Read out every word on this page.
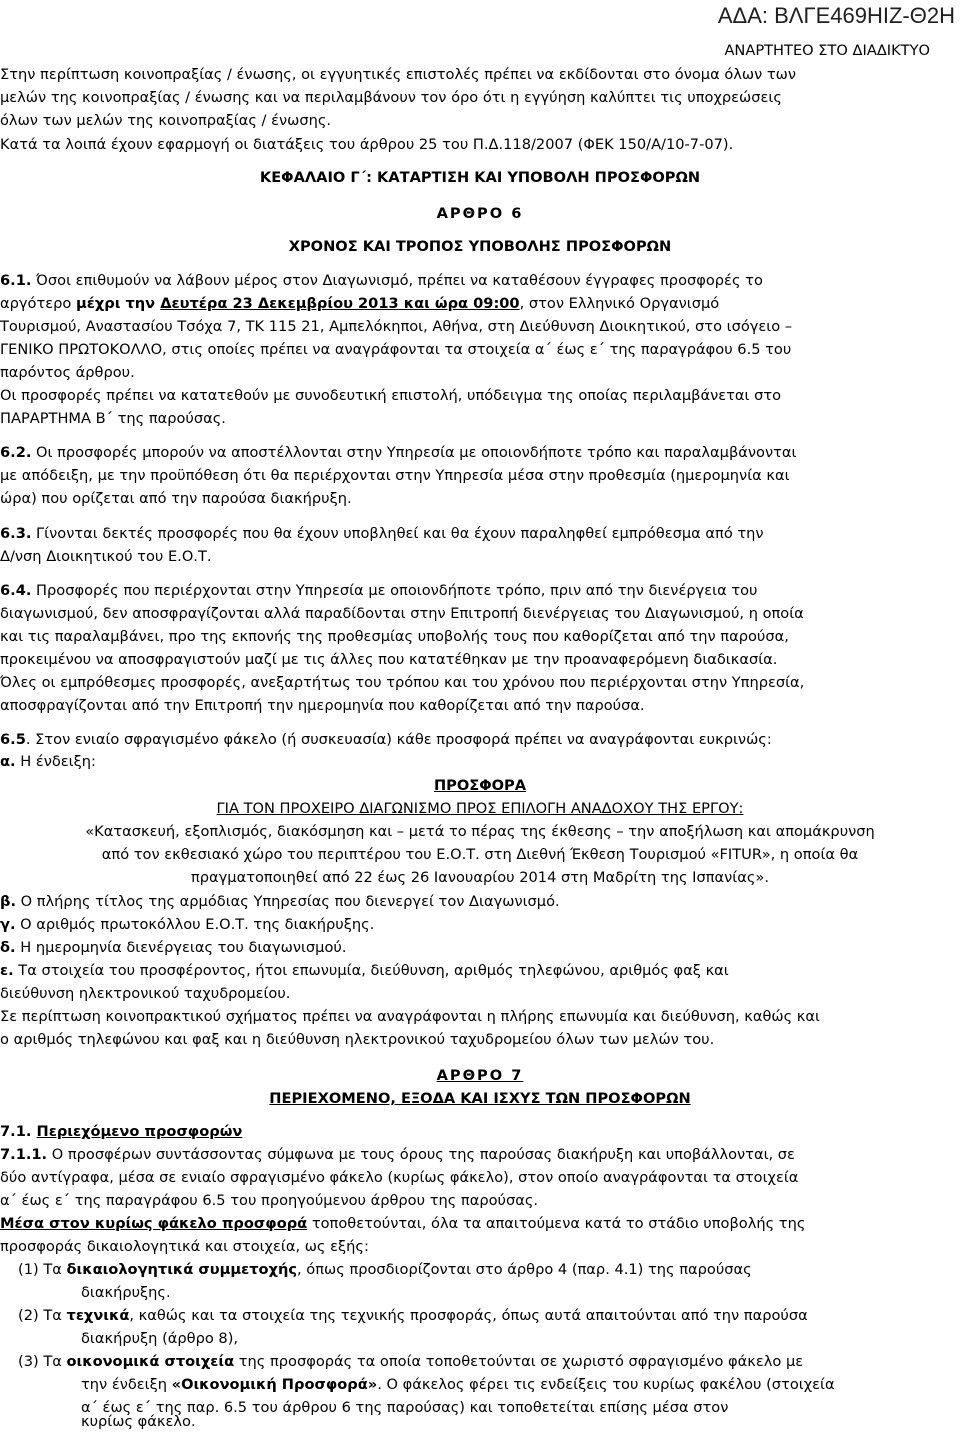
ΑΔΑ: ΒΛΓΕ469ΗΙΖ-Θ2Η
ΑΝΑΡΤΗΤΕΟ ΣΤΟ ΔΙΑΔΙΚΤΥΟ
Στην περίπτωση κοινοπραξίας / ένωσης, οι εγγυητικές επιστολές πρέπει να εκδίδονται στο όνομα όλων των
μελών της κοινοπραξίας / ένωσης και να περιλαμβάνουν τον όρο ότι η εγγύηση καλύπτει τις υποχρεώσεις
όλων των μελών της κοινοπραξίας / ένωσης.
Κατά τα λοιπά έχουν εφαρμογή οι διατάξεις του άρθρου 25 του Π.Δ.118/2007 (ΦΕΚ 150/Α/10-7-07).
ΚΕΦΑΛΑΙΟ Γ΄: ΚΑΤΑΡΤΙΣΗ ΚΑΙ ΥΠΟΒΟΛΗ ΠΡΟΣΦΟΡΩΝ
ΑΡΘΡΟ 6
ΧΡΟΝΟΣ ΚΑΙ ΤΡΟΠΟΣ ΥΠΟΒΟΛΗΣ ΠΡΟΣΦΟΡΩΝ
6.1. Όσοι επιθυμούν να λάβουν μέρος στον Διαγωνισμό, πρέπει να καταθέσουν έγγραφες προσφορές το
αργότερο μέχρι την Δευτέρα 23 Δεκεμβρίου 2013 και ώρα 09:00, στον Ελληνικό Οργανισμό
Τουρισμού, Αναστασίου Τσόχα 7, ΤΚ 115 21, Αμπελόκηποι, Αθήνα, στη Διεύθυνση Διοικητικού, στο ισόγειο –
ΓΕΝΙΚΟ ΠΡΩΤΟΚΟΛΛΟ, στις οποίες πρέπει να αναγράφονται τα στοιχεία α΄ έως ε΄ της παραγράφου 6.5 του
παρόντος άρθρου.
Οι προσφορές πρέπει να κατατεθούν με συνοδευτική επιστολή, υπόδειγμα της οποίας περιλαμβάνεται στο
ΠΑΡΑΡΤΗΜΑ Β΄ της παρούσας.
6.2. Οι προσφορές μπορούν να αποστέλλονται στην Υπηρεσία με οποιονδήποτε τρόπο και παραλαμβάνονται
με απόδειξη, με την προϋπόθεση ότι θα περιέρχονται στην Υπηρεσία μέσα στην προθεσμία (ημερομηνία και
ώρα) που ορίζεται από την παρούσα διακήρυξη.
6.3. Γίνονται δεκτές προσφορές που θα έχουν υποβληθεί και θα έχουν παραληφθεί εμπρόθεσμα από την
Δ/νση Διοικητικού του Ε.Ο.Τ.
6.4. Προσφορές που περιέρχονται στην Υπηρεσία με οποιονδήποτε τρόπο, πριν από την διενέργεια του
διαγωνισμού, δεν αποσφραγίζονται αλλά παραδίδονται στην Επιτροπή διενέργειας του Διαγωνισμού, η οποία
και τις παραλαμβάνει, προ της εκπονής της προθεσμίας υποβολής τους που καθορίζεται από την παρούσα,
προκειμένου να αποσφραγιστούν μαζί με τις άλλες που κατατέθηκαν με την προαναφερόμενη διαδικασία.
Όλες οι εμπρόθεσμες προσφορές, ανεξαρτήτως του τρόπου και του χρόνου που περιέρχονται στην Υπηρεσία,
αποσφραγίζονται από την Επιτροπή την ημερομηνία που καθορίζεται από την παρούσα.
6.5. Στον ενιαίο σφραγισμένο φάκελο (ή συσκευασία) κάθε προσφορά πρέπει να αναγράφονται ευκρινώς:
α. Η ένδειξη:
ΠΡΟΣΦΟΡΑ
ΓΙΑ ΤΟΝ ΠΡΟΧΕΙΡΟ ΔΙΑΓΩΝΙΣΜΟ ΠΡΟΣ ΕΠΙΛΟΓΗ ΑΝΑΔΟΧΟΥ ΤΗΣ ΕΡΓΟΥ:
«Κατασκευή, εξοπλισμός, διακόσμηση και – μετά το πέρας της έκθεσης – την αποξήλωση και απομάκρυνση
από τον εκθεσιακό χώρο του περιπτέρου του Ε.Ο.Τ. στη Διεθνή Έκθεση Τουρισμού «FITUR», η οποία θα
πραγματοποιηθεί από 22 έως 26 Ιανουαρίου 2014 στη Μαδρίτη της Ισπανίας».
β. Ο πλήρης τίτλος της αρμόδιας Υπηρεσίας που διενεργεί τον Διαγωνισμό.
γ. Ο αριθμός πρωτοκόλλου Ε.Ο.Τ. της διακήρυξης.
δ. Η ημερομηνία διενέργειας του διαγωνισμού.
ε. Τα στοιχεία του προσφέροντος, ήτοι επωνυμία, διεύθυνση, αριθμός τηλεφώνου, αριθμός φαξ και
διεύθυνση ηλεκτρονικού ταχυδρομείου.
Σε περίπτωση κοινοπρακτικού σχήματος πρέπει να αναγράφονται η πλήρης επωνυμία και διεύθυνση, καθώς και
ο αριθμός τηλεφώνου και φαξ και η διεύθυνση ηλεκτρονικού ταχυδρομείου όλων των μελών του.
ΑΡΘΡΟ 7
ΠΕΡΙΕΧΟΜΕΝΟ, ΕΞΟΔΑ ΚΑΙ ΙΣΧΥΣ ΤΩΝ ΠΡΟΣΦΟΡΩΝ
7.1. Περιεχόμενο προσφορών
7.1.1. Ο προσφέρων συντάσσοντας σύμφωνα με τους όρους της παρούσας διακήρυξη και υποβάλλονται, σε
δύο αντίγραφα, μέσα σε ενιαίο σφραγισμένο φάκελο (κυρίως φάκελο), στον οποίο αναγράφονται τα στοιχεία
α΄ έως ε΄ της παραγράφου 6.5 του προηγούμενου άρθρου της παρούσας.
Μέσα στον κυρίως φάκελο προσφορά τοποθετούνται, όλα τα απαιτούμενα κατά το στάδιο υποβολής της
προσφοράς δικαιολογητικά και στοιχεία, ως εξής:
(1) Τα δικαιολογητικά συμμετοχής, όπως προσδιορίζονται στο άρθρο 4 (παρ. 4.1) της παρούσας
διακήρυξης.
(2) Τα τεχνικά, καθώς και τα στοιχεία της τεχνικής προσφοράς, όπως αυτά απαιτούνται από την παρούσα
διακήρυξη (άρθρο 8),
(3) Τα οικονομικά στοιχεία της προσφοράς τα οποία τοποθετούνται σε χωριστό σφραγισμένο φάκελο με
την ένδειξη «Οικονομική Προσφορά». Ο φάκελος φέρει τις ενδείξεις του κυρίως φακέλου (στοιχεία
α΄ έως ε΄ της παρ. 6.5 του άρθρου 6 της παρούσας) και τοποθετείται επίσης μέσα στον
κυρίως φάκελο.
